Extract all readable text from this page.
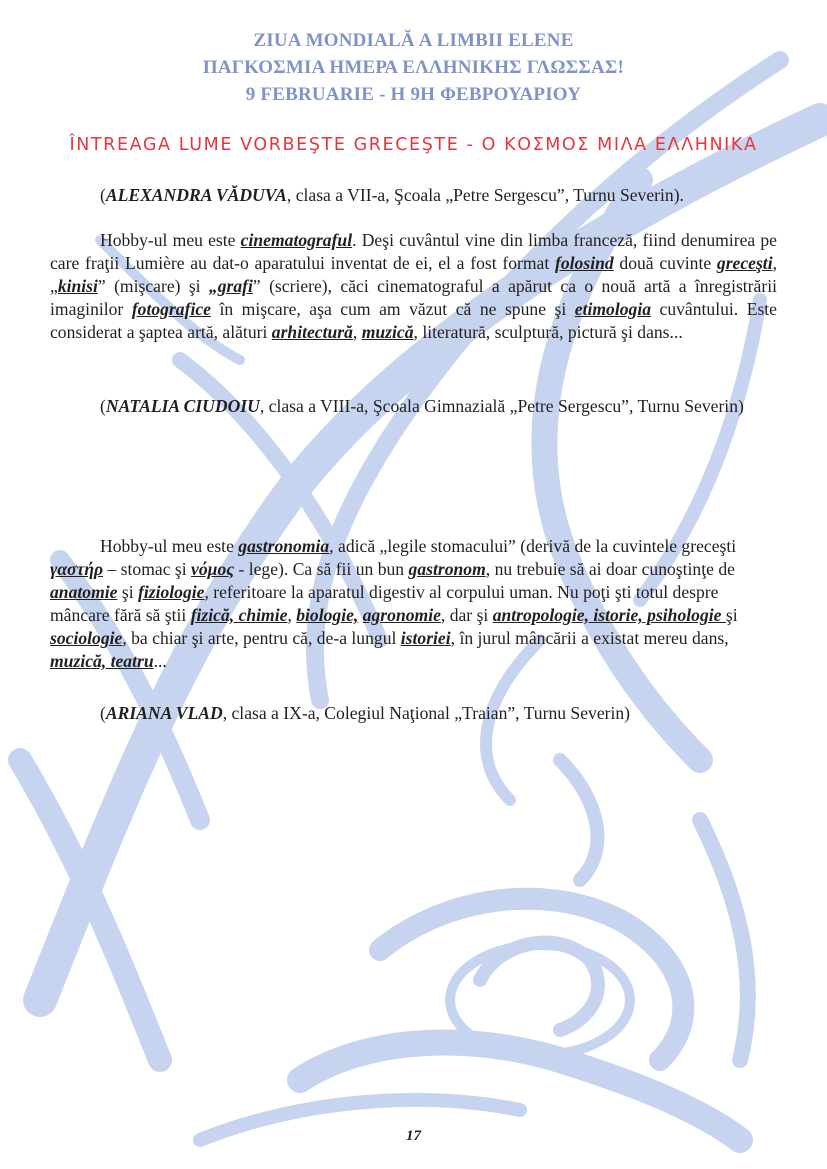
ZIUA MONDIALĂ A LIMBII ELENE
ΠΑΓΚΟΣΜΙΑ ΗΜΕΡΑ ΕΛΛΗΝΙΚΗΣ ΓΛΩΣΣΑΣ!
9 FEBRUARIE - Η 9Η ΦΕΒΡΟΥΑΡΙΟΥ
ÎNTREAGA LUME VORBEŞTE GRECEŞTE - Ο ΚΟΣΜΟΣ ΜΙΛΑ ΕΛΛΗΝΙΚΑ
(ALEXANDRA VĂDUVA, clasa a VII-a, Şcoala „Petre Sergescu”, Turnu Severin).
Hobby-ul meu este cinematograful. Deşi cuvântul vine din limba franceză, fiind denumirea pe care fraţii Lumière au dat-o aparatului inventat de ei, el a fost format folosind două cuvinte greceşti, „kinisi” (mişcare) şi „grafi” (scriere), căci cinematograful a apărut ca o nouă artă a înregistrării imaginilor fotografice în mişcare, aşa cum am văzut că ne spune şi etimologia cuvântului. Este considerat a şaptea artă, alături arhitectură, muzică, literatură, sculptură, pictură şi dans...
(NATALIA CIUDOIU, clasa a VIII-a, Şcoala Gimnazială „Petre Sergescu”, Turnu Severin)
Hobby-ul meu este gastronomia, adică „legile stomacului” (derivă de la cuvintele greceşti γαστήρ – stomac şi νόμος - lege). Ca să fii un bun gastronom, nu trebuie să ai doar cunoştinţe de anatomie şi fiziologie, referitoare la aparatul digestiv al corpului uman. Nu poţi şti totul despre mâncare fără să ştii fizică, chimie, biologie, agronomie, dar şi antropologie, istorie, psihologie şi sociologie, ba chiar şi arte, pentru că, de-a lungul istoriei, în jurul mâncării a existat mereu dans, muzică, teatru...
(ARIANA VLAD, clasa a IX-a, Colegiul Naţional „Traian”, Turnu Severin)
17
